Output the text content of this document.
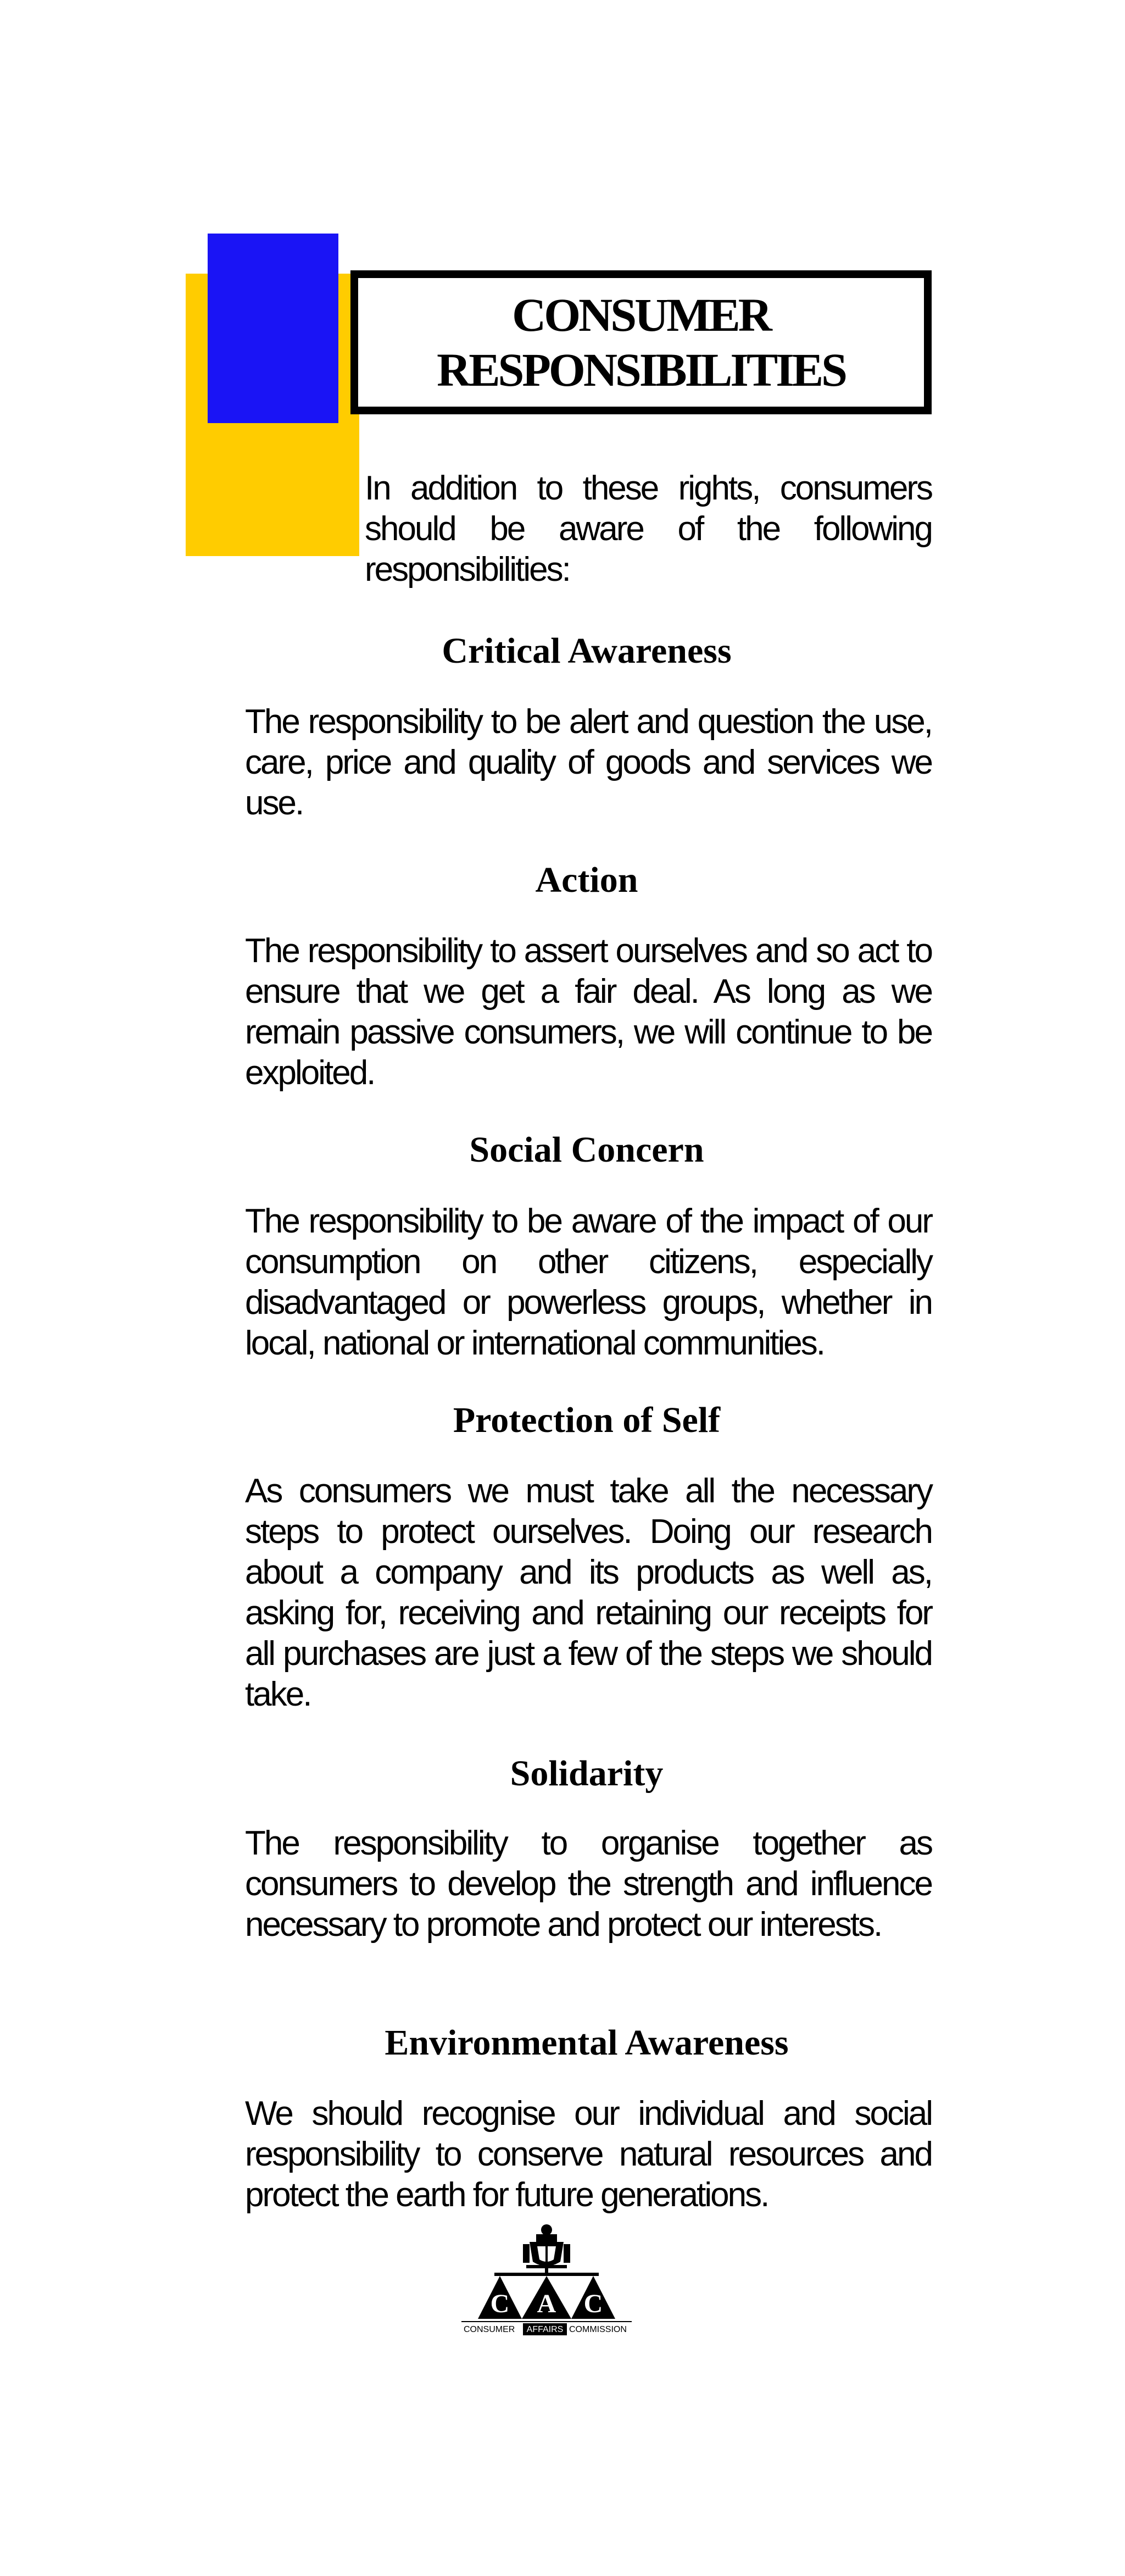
CONSUMER
RESPONSIBILITIES
In addition to these rights, consumers should be aware of the following responsibilities:
Critical Awareness
The responsibility to be alert and question the use, care, price and quality of goods and services we use.
Action
The responsibility to assert ourselves and so act to ensure that we get a fair deal. As long as we remain passive consumers, we will continue to be exploited.
Social Concern
The responsibility to be aware of the impact of our consumption on other citizens, especially disadvantaged or powerless groups, whether in local, national or international communities.
Protection of Self
As consumers we must take all the necessary steps to protect ourselves. Doing our research about a company and its products as well as, asking for, receiving and retaining our receipts for all purchases are just a few of the steps we should take.
Solidarity
The responsibility to organise together as consumers to develop the strength and influence necessary to promote and protect our interests.
Environmental Awareness
We should recognise our individual and social responsibility to conserve natural resources and protect the earth for future generations.
C A C
CONSUMER AFFAIRS COMMISSION
